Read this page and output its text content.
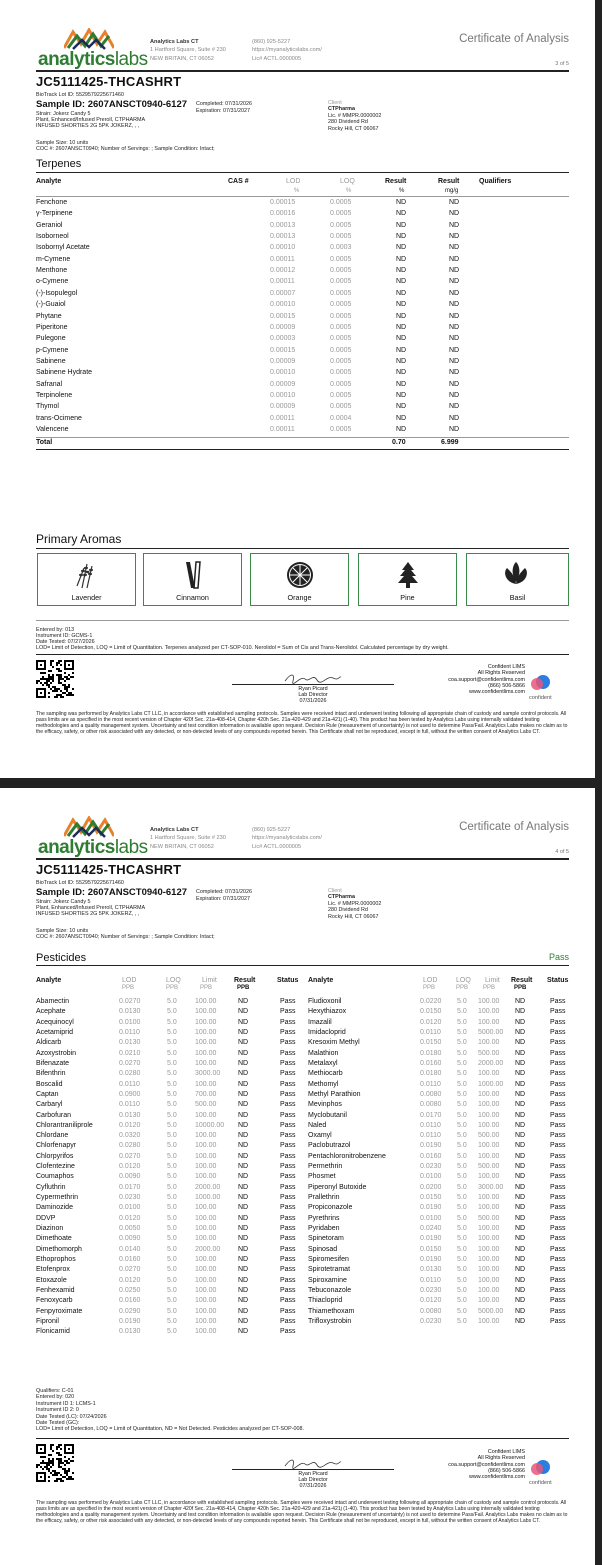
analyticslabs
Analytics Labs CT
1 Hartford Square, Suite # 230
NEW BRITAIN, CT 06052
(860) 925-5227
https://myanalyticslabs.com/
Lic# ACTL.0000005
Certificate of Analysis
3 of 5
JC5111425-THCASHRT
BioTrack Lot ID: 5529579225671460
Sample ID: 2607ANSCT0940-6127 Completed: 07/31/2026
Expiration: 07/31/2027
Strain: Jokerz Candy 5
Plant, Enhanced/Infused Preroll, CTPHARMA
INFUSED SHORTIES 2G 5PK JOKERZ, , ,
Client
CTPharma
Lic. # MMPR.0000002
280 Dividend Rd
Rocky Hill, CT 06067
Sample Size: 10 units
COC #: 2607ANSCT0940; Number of Servings: ; Sample Condition: Intact;
Terpenes
Analyte	CAS #	LOD	LOQ	Result	Result	Qualifiers
%	%	%	mg/g
Fenchone	0.00015	0.0005	ND	ND
γ-Terpinene	0.00016	0.0005	ND	ND
Geraniol	0.00013	0.0005	ND	ND
Isoborneol	0.00013	0.0005	ND	ND
Isobornyl Acetate	0.00010	0.0003	ND	ND
m-Cymene	0.00011	0.0005	ND	ND
Menthone	0.00012	0.0005	ND	ND
o-Cymene	0.00011	0.0005	ND	ND
(-)-Isopulegol	0.00007	0.0005	ND	ND
(-)-Guaiol	0.00010	0.0005	ND	ND
Phytane	0.00015	0.0005	ND	ND
Piperitone	0.00009	0.0005	ND	ND
Pulegone	0.00003	0.0005	ND	ND
p-Cymene	0.00015	0.0005	ND	ND
Sabinene	0.00009	0.0005	ND	ND
Sabinene Hydrate	0.00010	0.0005	ND	ND
Safranal	0.00009	0.0005	ND	ND
Terpinolene	0.00010	0.0005	ND	ND
Thymol	0.00009	0.0005	ND	ND
trans-Ocimene	0.00011	0.0004	ND	ND
Valencene	0.00011	0.0005	ND	ND
Total	0.70	6.999
Primary Aromas
Lavender	Cinnamon	Orange	Pine	Basil
Entered by: 013
Instrument ID: GCMS-1
Date Tested: 07/27/2026
LOD= Limit of Detection, LOQ = Limit of Quantitation. Terpenes analyzed per CT-SOP-010. Nerolidol = Sum of Cis and Trans-Nerolidol. Calculated percentage by dry weight.
Ryan Picard
Lab Director
07/31/2026
Confident LIMS
All Rights Reserved
coa.support@confidentlims.com
(866) 506-5866
www.confidentlims.com
confident
The sampling was performed by Analytics Labs CT LLC, in accordance with established sampling protocols. Samples were received intact and underwent testing following all appropriate chain of custody and sample control protocols. All pass limits are as specified in the most recent version of Chapter 420f Sec. 21a-408-414, Chapter 420h Sec. 21a-420-429 and 21a-421j (1-40). This product has been tested by Analytics Labs using internally validated testing methodologies and a quality management system. Uncertainty and test condition information is available upon request. Decision Rule (measurement of uncertainty) is not used to determine Pass/Fail. Analytics Labs makes no claim as to the efficacy, safety, or other risk associated with any detected, or non-detected levels of any compounds reported herein. This Certificate shall not be reproduced, except in full, without the written consent of Analytics Labs CT.
analyticslabs
Analytics Labs CT
1 Hartford Square, Suite # 230
NEW BRITAIN, CT 06052
(860) 925-5227
https://myanalyticslabs.com/
Lic# ACTL.0000005
Certificate of Analysis
4 of 5
JC5111425-THCASHRT
BioTrack Lot ID: 5529579225671460
Sample ID: 2607ANSCT0940-6127 Completed: 07/31/2026
Expiration: 07/31/2027
Strain: Jokerz Candy 5
Plant, Enhanced/Infused Preroll, CTPHARMA
INFUSED SHORTIES 2G 5PK JOKERZ, , ,
Client
CTPharma
Lic. # MMPR.0000002
280 Dividend Rd
Rocky Hill, CT 06067
Sample Size: 10 units
COC #: 2607ANSCT0940; Number of Servings: ; Sample Condition: Intact;
Pesticides	Pass
Analyte	LOD	LOQ	Limit Result	Status
PPB	PPB	PPB	PPB
Abamectin	0.0270	5.0	100.00	ND	Pass
Acephate	0.0130	5.0	100.00	ND	Pass
Acequinocyl	0.0100	5.0	100.00	ND	Pass
Acetamiprid	0.0110	5.0	100.00	ND	Pass
Aldicarb	0.0130	5.0	100.00	ND	Pass
Azoxystrobin	0.0210	5.0	100.00	ND	Pass
Bifenazate	0.0270	5.0	100.00	ND	Pass
Bifenthrin	0.0280	5.0	3000.00	ND	Pass
Boscalid	0.0110	5.0	100.00	ND	Pass
Captan	0.0900	5.0	700.00	ND	Pass
Carbaryl	0.0110	5.0	500.00	ND	Pass
Carbofuran	0.0130	5.0	100.00	ND	Pass
Chlorantraniliprole	0.0120	5.0	10000.00 ND	Pass
Chlordane	0.0320	5.0	100.00	ND	Pass
Chlorfenapyr	0.0280	5.0	100.00	ND	Pass
Chlorpyrifos	0.0270	5.0	100.00	ND	Pass
Clofentezine	0.0120	5.0	100.00	ND	Pass
Coumaphos	0.0090	5.0	100.00	ND	Pass
Cyfluthrin	0.0170	5.0	2000.00	ND	Pass
Cypermethrin	0.0230	5.0	1000.00	ND	Pass
Daminozide	0.0100	5.0	100.00	ND	Pass
DDVP	0.0120	5.0	100.00	ND	Pass
Diazinon	0.0050	5.0	100.00	ND	Pass
Dimethoate	0.0090	5.0	100.00	ND	Pass
Dimethomorph	0.0140	5.0	2000.00	ND	Pass
Ethoprophos	0.0160	5.0	100.00	ND	Pass
Etofenprox	0.0270	5.0	100.00	ND	Pass
Etoxazole	0.0120	5.0	100.00	ND	Pass
Fenhexamid	0.0250	5.0	100.00	ND	Pass
Fenoxycarb	0.0160	5.0	100.00	ND	Pass
Fenpyroximate	0.0290	5.0	100.00	ND	Pass
Fipronil	0.0190	5.0	100.00	ND	Pass
Flonicamid	0.0130	5.0	100.00	ND	Pass
Analyte	LOD	LOQ Limit Result Status
PPB	PPB PPB	PPB
Fludioxonil	0.0220 5.0 100.00 ND	Pass
Hexythiazox	0.0150 5.0 100.00 ND	Pass
Imazalil	0.0120 5.0 100.00 ND	Pass
Imidacloprid	0.0110 5.0 5000.00 ND	Pass
Kresoxim Methyl	0.0150 5.0 100.00 ND	Pass
Malathion	0.0180 5.0 500.00 ND	Pass
Metalaxyl	0.0160 5.0 2000.00 ND	Pass
Methiocarb	0.0180 5.0 100.00 ND	Pass
Methomyl	0.0110 5.0 1000.00 ND	Pass
Methyl Parathion	0.0080 5.0 100.00 ND	Pass
Mevinphos	0.0080 5.0 100.00 ND	Pass
Myclobutanil	0.0170 5.0 100.00 ND	Pass
Naled	0.0110 5.0 100.00 ND	Pass
Oxamyl	0.0110 5.0 500.00 ND	Pass
Paclobutrazol	0.0190 5.0 100.00 ND	Pass
Pentachloronitrobenzene	0.0160 5.0 100.00 ND	Pass
Permethrin	0.0230 5.0 500.00 ND	Pass
Phosmet	0.0100 5.0 100.00 ND	Pass
Piperonyl Butoxide	0.0200 5.0 3000.00 ND	Pass
Prallethrin	0.0150 5.0 100.00 ND	Pass
Propiconazole	0.0190 5.0 100.00 ND	Pass
Pyrethrins	0.0100 5.0 500.00 ND	Pass
Pyridaben	0.0240 5.0 100.00 ND	Pass
Spinetoram	0.0190 5.0 100.00 ND	Pass
Spinosad	0.0150 5.0 100.00 ND	Pass
Spiromesifen	0.0190 5.0 100.00 ND	Pass
Spirotetramat	0.0130 5.0 100.00 ND	Pass
Spiroxamine	0.0110 5.0 100.00 ND	Pass
Tebuconazole	0.0230 5.0 100.00 ND	Pass
Thiacloprid	0.0120 5.0 100.00 ND	Pass
Thiamethoxam	0.0080 5.0 5000.00 ND	Pass
Trifloxystrobin	0.0230 5.0 100.00 ND	Pass
Qualifiers: C-01
Entered by: 020
Instrument ID 1: LCMS-1
Instrument ID 2: 0
Date Tested (LC): 07/24/2026
Date Tested (GC):
LOD= Limit of Detection, LOQ = Limit of Quantitation, ND = Not Detected. Pesticides analyzed per CT-SOP-008.
Ryan Picard
Lab Director
07/31/2026
Confident LIMS
All Rights Reserved
coa.support@confidentlims.com
(866) 506-5866
www.confidentlims.com
confident
The sampling was performed by Analytics Labs CT LLC, in accordance with established sampling protocols. Samples were received intact and underwent testing following all appropriate chain of custody and sample control protocols. All pass limits are as specified in the most recent version of Chapter 420f Sec. 21a-408-414, Chapter 420h Sec. 21a-420-429 and 21a-421j (1-40). This product has been tested by Analytics Labs using internally validated testing methodologies and a quality management system. Uncertainty and test condition information is available upon request. Decision Rule (measurement of uncertainty) is not used to determine Pass/Fail. Analytics Labs makes no claim as to the efficacy, safety, or other risk associated with any detected, or non-detected levels of any compounds reported herein. This Certificate shall not be reproduced, except in full, without the written consent of Analytics Labs CT.
